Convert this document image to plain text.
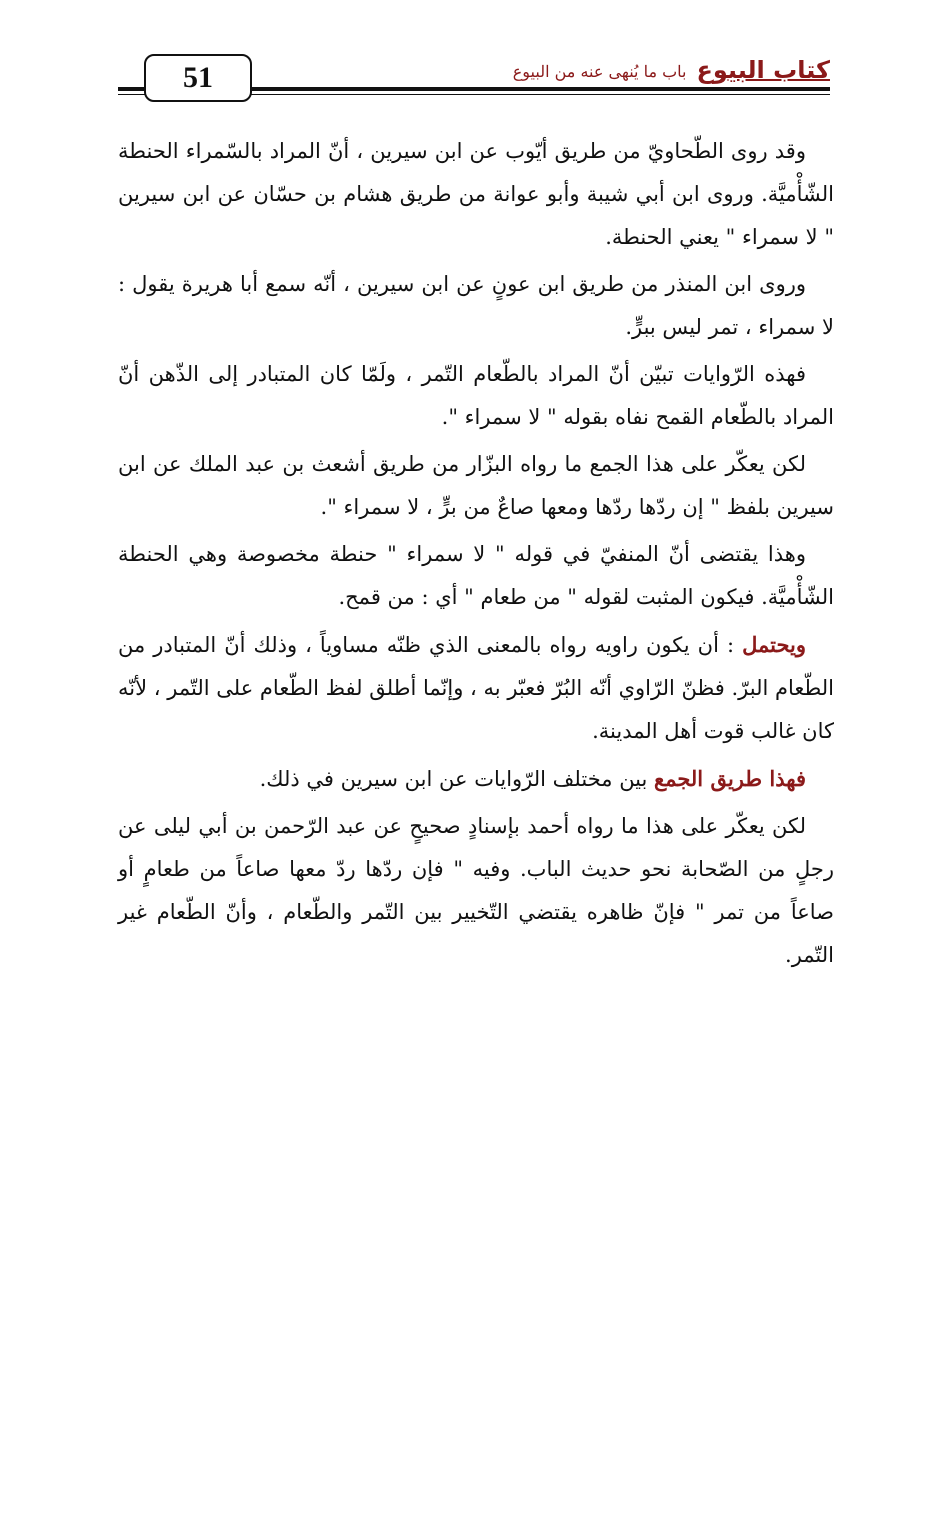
51	كتاب البيوع
باب ما يُنهى عنه من البيوع

وقد روى الطّحاويّ من طريق أيّوب عن ابن سيرين ، أنّ المراد بالسّمراء الحنطة الشّأْميَّة. وروى ابن أبي شيبة وأبو عوانة من طريق هشام بن حسّان عن ابن سيرين " لا سمراء " يعني الحنطة.

وروى ابن المنذر من طريق ابن عونٍ عن ابن سيرين ، أنّه سمع أبا هريرة يقول : لا سمراء ، تمر ليس ببرٍّ.

فهذه الرّوايات تبيّن أنّ المراد بالطّعام التّمر ، ولَمّا كان المتبادر إلى الذّهن أنّ المراد بالطّعام القمح نفاه بقوله " لا سمراء ".

لكن يعكّر على هذا الجمع ما رواه البزّار من طريق أشعث بن عبد الملك عن ابن سيرين بلفظ " إن ردّها ردّها ومعها صاعٌ من برٍّ ، لا سمراء ".

وهذا يقتضى أنّ المنفيّ في قوله " لا سمراء " حنطة مخصوصة وهي الحنطة الشّأْميَّة. فيكون المثبت لقوله " من طعام " أي : من قمح.

ويحتمل : أن يكون راويه رواه بالمعنى الذي ظنّه مساوياً ، وذلك أنّ المتبادر من الطّعام البرّ. فظنّ الرّاوي أنّه البُرّ فعبّر به ، وإنّما أطلق لفظ الطّعام على التّمر ، لأنّه كان غالب قوت أهل المدينة.

فهذا طريق الجمع بين مختلف الرّوايات عن ابن سيرين في ذلك.

لكن يعكّر على هذا ما رواه أحمد بإسنادٍ صحيحٍ عن عبد الرّحمن بن أبي ليلى عن رجلٍ من الصّحابة نحو حديث الباب. وفيه " فإن ردّها ردّ معها صاعاً من طعامٍ أو صاعاً من تمر " فإنّ ظاهره يقتضي التّخيير بين التّمر والطّعام ، وأنّ الطّعام غير التّمر.
